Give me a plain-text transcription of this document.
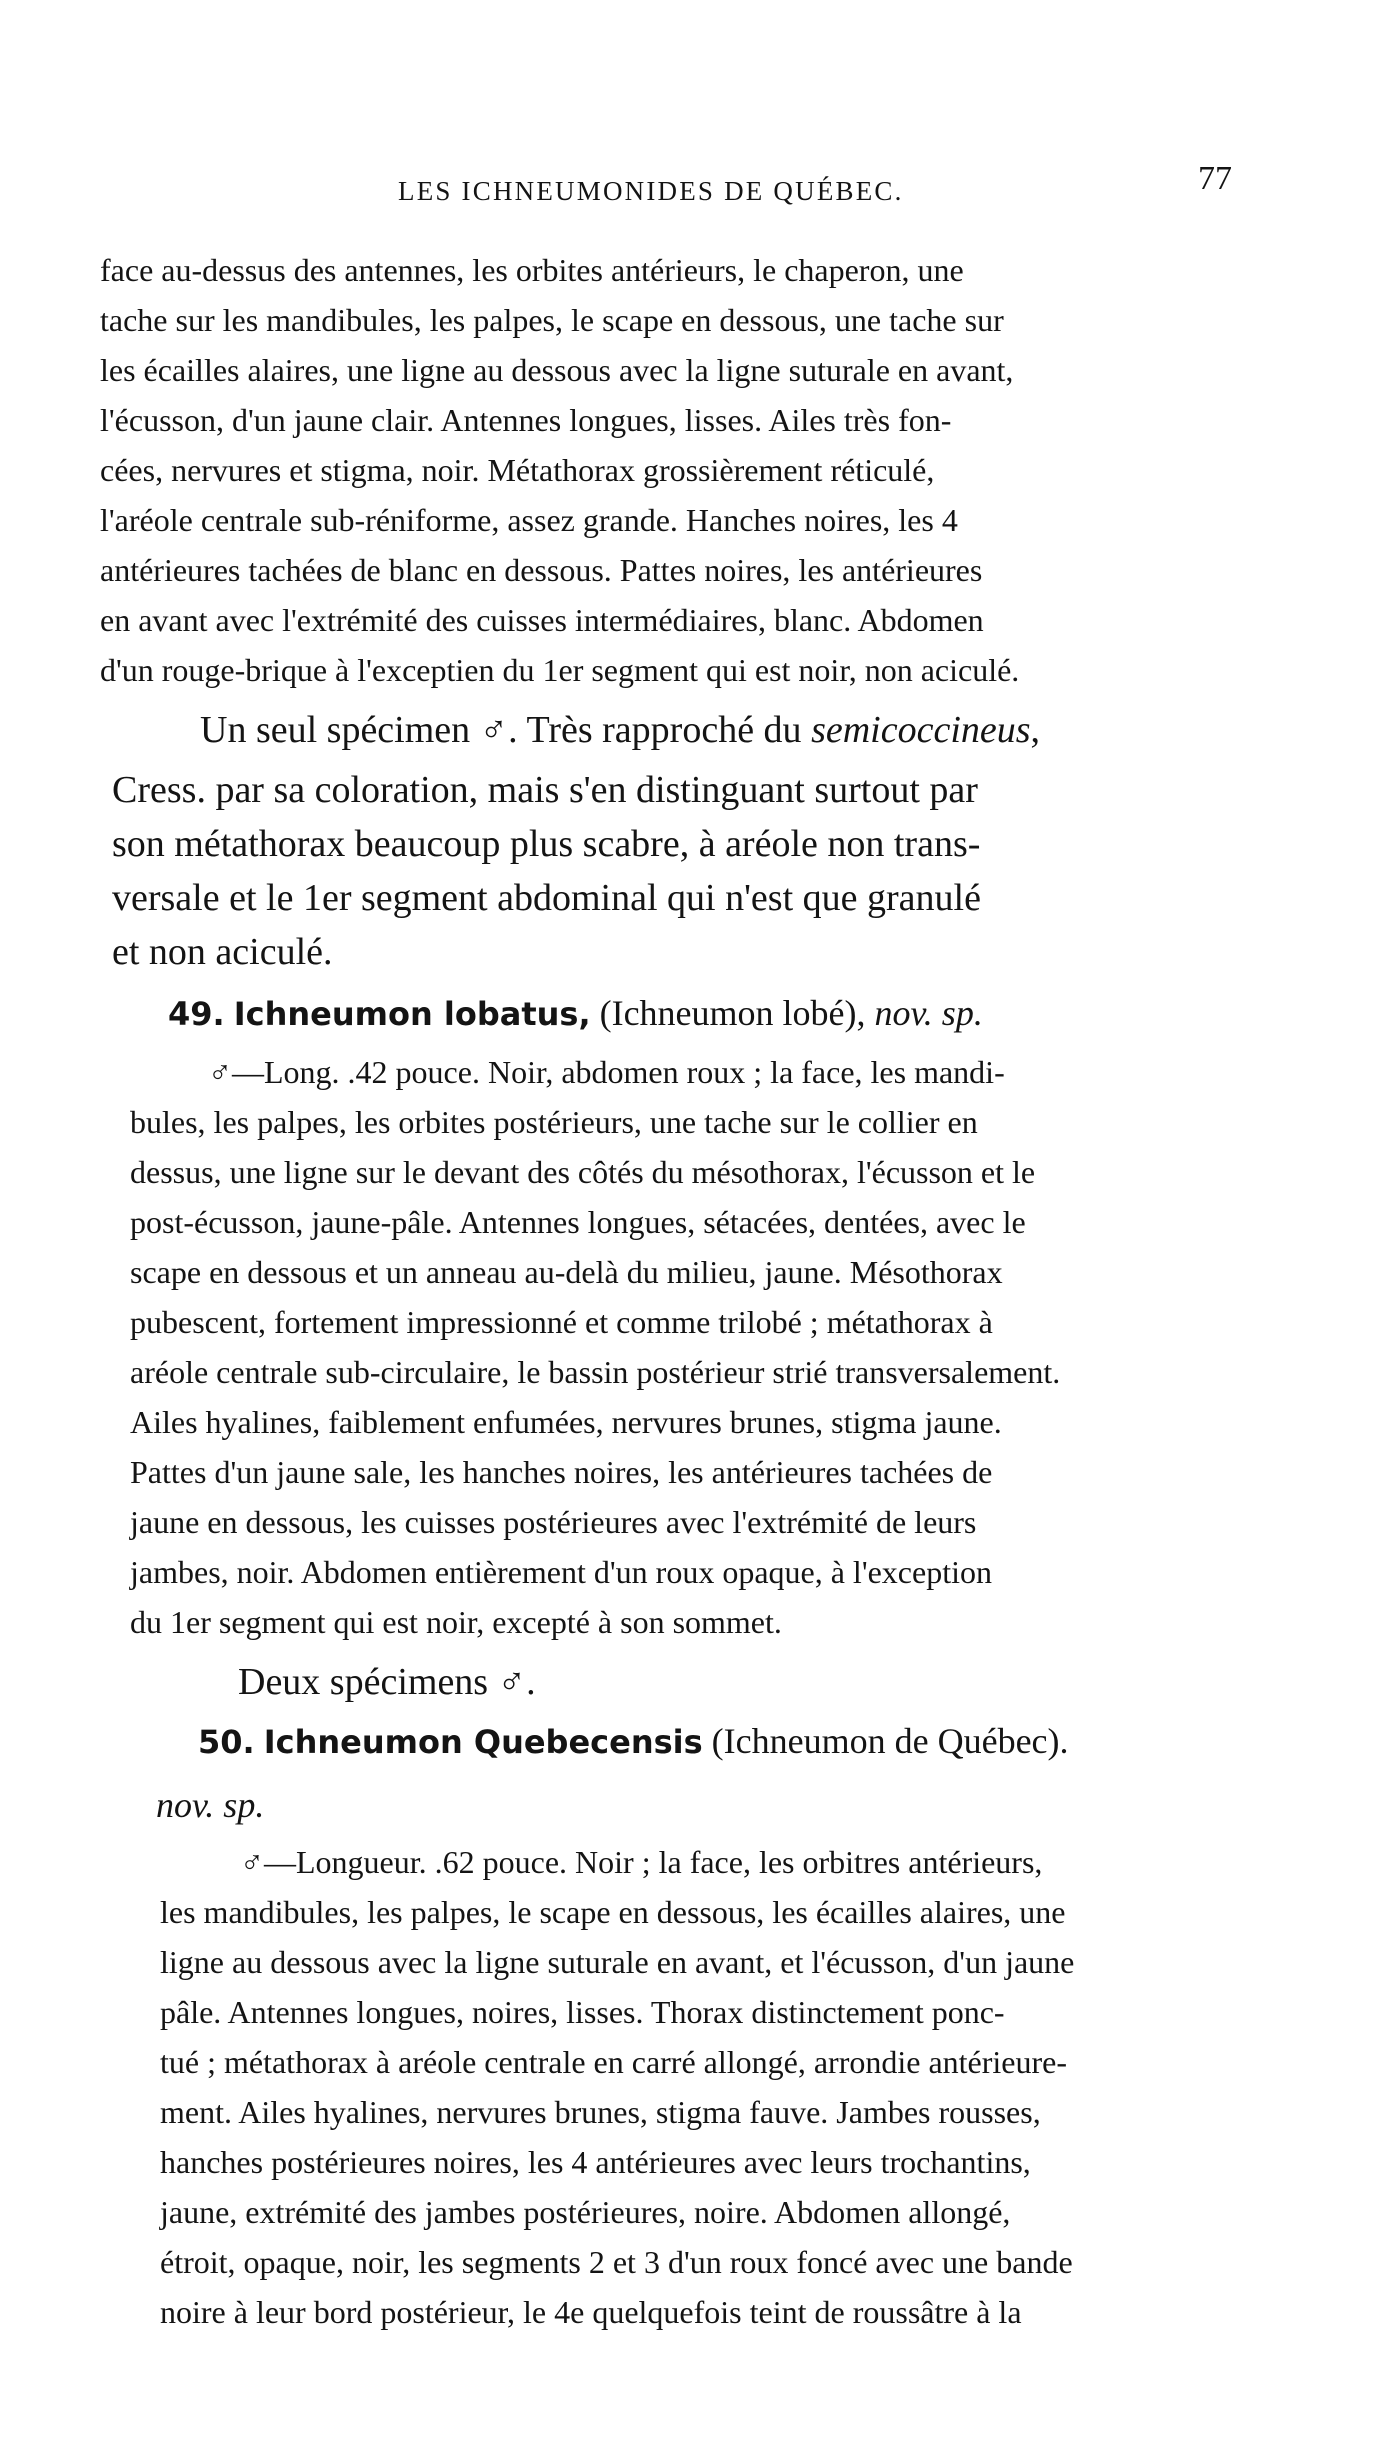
LES ICHNEUMONIDES DE QUÉBEC.	77
face au-dessus des antennes, les orbites antérieurs, le chaperon, une
tache sur les mandibules, les palpes, le scape en dessous, une tache sur
les écailles alaires, une ligne au dessous avec la ligne suturale en avant,
l'écusson, d'un jaune clair. Antennes longues, lisses. Ailes très fon-
cées, nervures et stigma, noir. Métathorax grossièrement réticulé,
l'aréole centrale sub-réniforme, assez grande. Hanches noires, les 4
antérieures tachées de blanc en dessous. Pattes noires, les antérieures
en avant avec l'extrémité des cuisses intermédiaires, blanc. Abdomen
d'un rouge-brique à l'exceptien du 1er segment qui est noir, non aciculé.
Un seul spécimen ♂. Très rapproché du semicoccineus,
Cress. par sa coloration, mais s'en distinguant surtout par
son métathorax beaucoup plus scabre, à aréole non trans-
versale et le 1er segment abdominal qui n'est que granulé
et non aciculé.
49. Ichneumon lobatus, (Ichneumon lobé), nov. sp.
♂—Long. .42 pouce. Noir, abdomen roux ; la face, les mandi-
bules, les palpes, les orbites postérieurs, une tache sur le collier en
dessus, une ligne sur le devant des côtés du mésothorax, l'écusson et le
post-écusson, jaune-pâle. Antennes longues, sétacées, dentées, avec le
scape en dessous et un anneau au-delà du milieu, jaune. Mésothorax
pubescent, fortement impressionné et comme trilobé ; métathorax à
aréole centrale sub-circulaire, le bassin postérieur strié transversalement.
Ailes hyalines, faiblement enfumées, nervures brunes, stigma jaune.
Pattes d'un jaune sale, les hanches noires, les antérieures tachées de
jaune en dessous, les cuisses postérieures avec l'extrémité de leurs
jambes, noir. Abdomen entièrement d'un roux opaque, à l'exception
du 1er segment qui est noir, excepté à son sommet.
Deux spécimens ♂.
50. Ichneumon Quebecensis (Ichneumon de Québec).
nov. sp.
♂—Longueur. .62 pouce. Noir ; la face, les orbitres antérieurs,
les mandibules, les palpes, le scape en dessous, les écailles alaires, une
ligne au dessous avec la ligne suturale en avant, et l'écusson, d'un jaune
pâle. Antennes longues, noires, lisses. Thorax distinctement ponc-
tué ; métathorax à aréole centrale en carré allongé, arrondie antérieure-
ment. Ailes hyalines, nervures brunes, stigma fauve. Jambes rousses,
hanches postérieures noires, les 4 antérieures avec leurs trochantins,
jaune, extrémité des jambes postérieures, noire. Abdomen allongé,
étroit, opaque, noir, les segments 2 et 3 d'un roux foncé avec une bande
noire à leur bord postérieur, le 4e quelquefois teint de roussâtre à la
